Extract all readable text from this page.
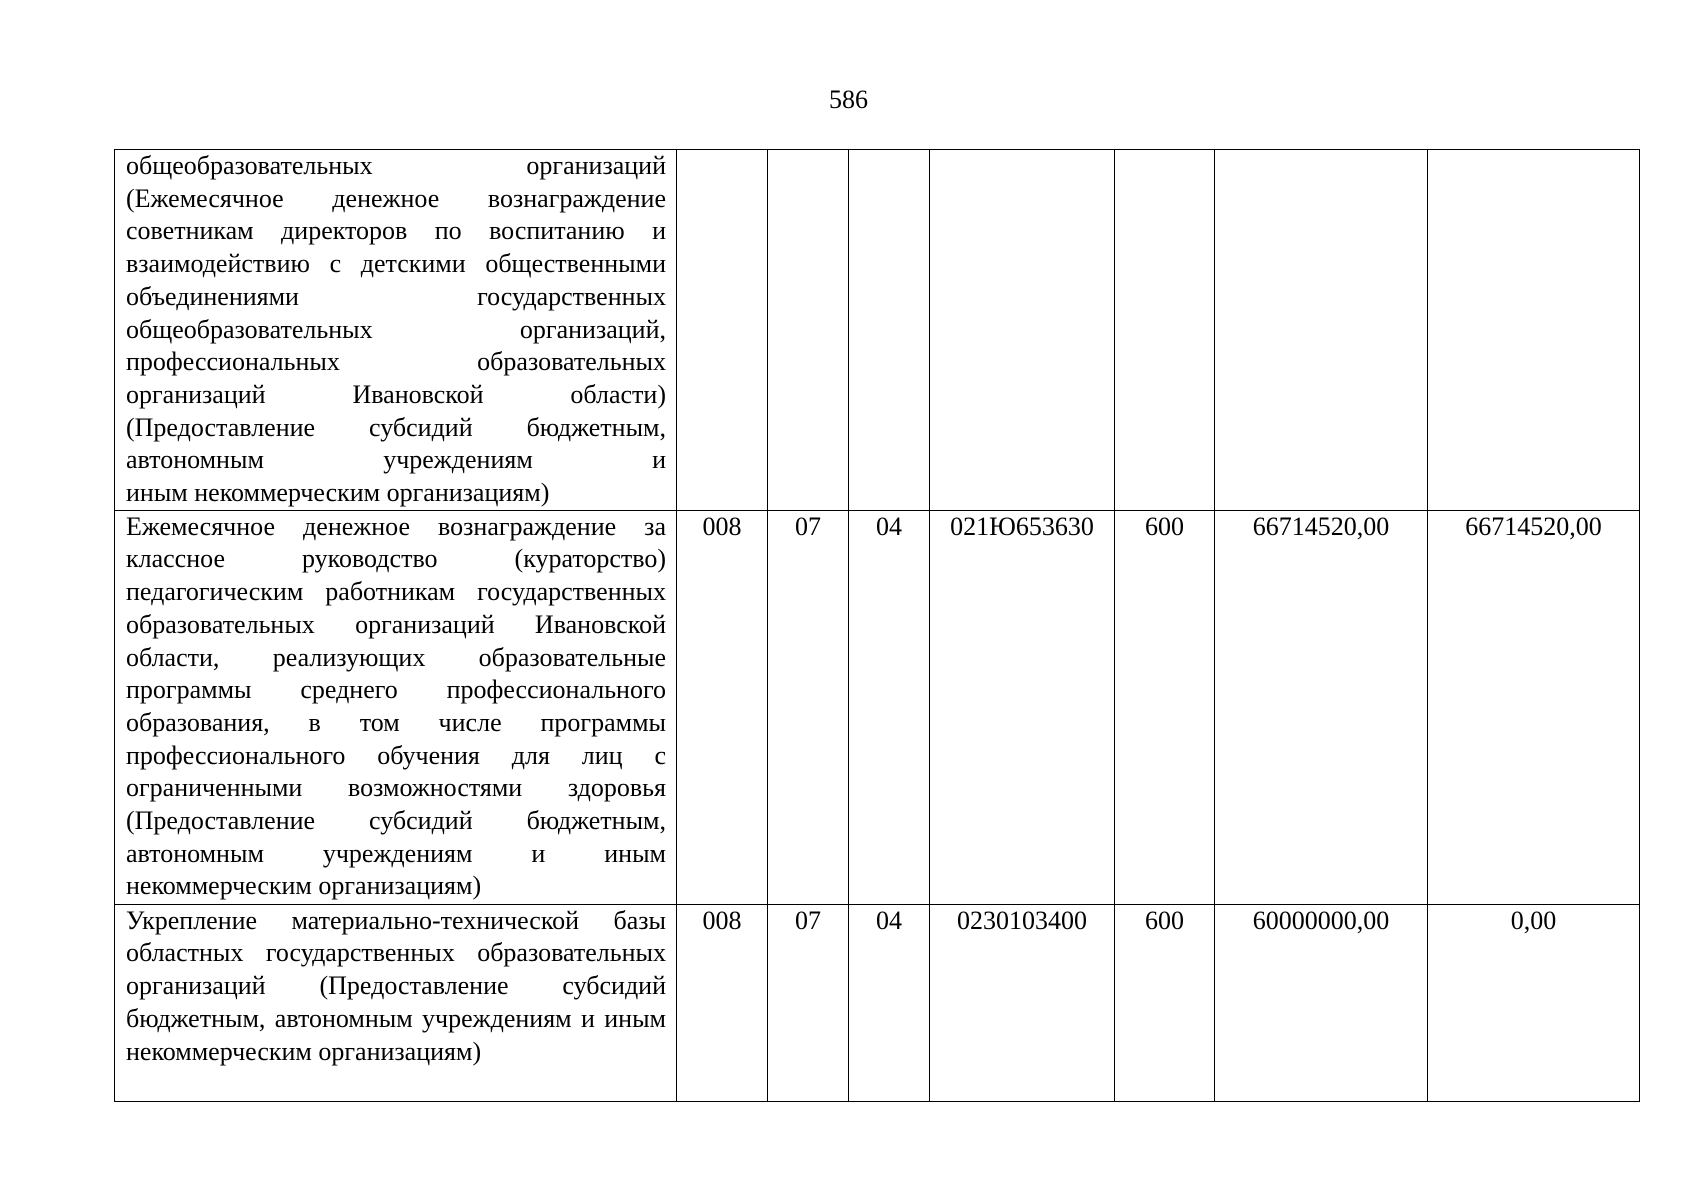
586
общеобразовательных организаций (Ежемесячное денежное вознаграждение советникам директоров по воспитанию и взаимодействию с детскими общественными объединениями государственных общеобразовательных организаций, профессиональных образовательных организаций Ивановской области) (Предоставление субсидий бюджетным, автономным учреждениям и
иным некоммерческим организациям)							

Ежемесячное денежное вознаграждение за классное руководство (кураторство) педагогическим работникам государственных образовательных организаций Ивановской области, реализующих образовательные программы среднего профессионального образования, в том числе программы профессионального обучения для лиц с ограниченными возможностями здоровья (Предоставление субсидий бюджетным, автономным учреждениям и иным
некоммерческим организациям)	008	07	04	021Ю653630	600	66714520,00	66714520,00
Укрепление материально-технической базы областных государственных образовательных организаций (Предоставление субсидий бюджетным, автономным учреждениям и иным
некоммерческим организациям)	008	07	04	0230103400	600	60000000,00	0,00
